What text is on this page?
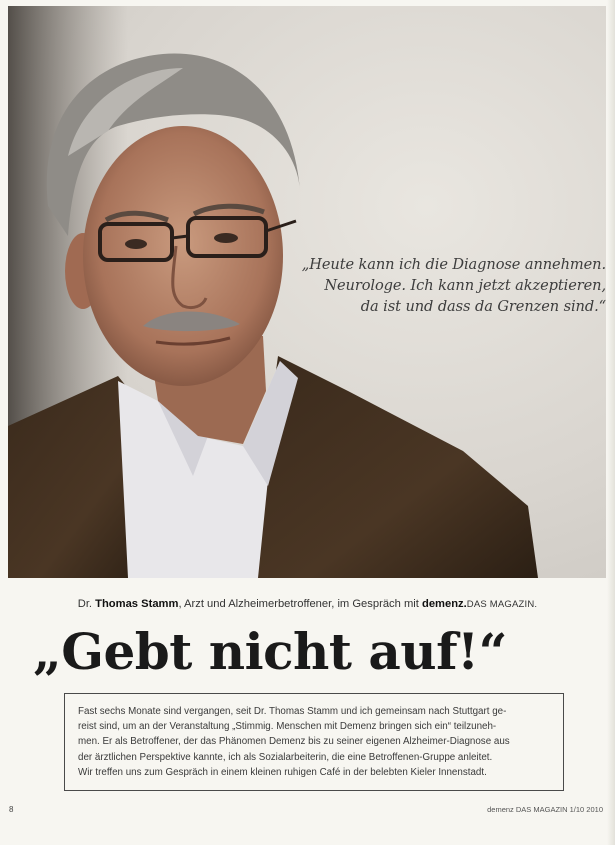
„Heute kann ich die Diagnose annehmen.
Neurologe. Ich kann jetzt akzeptieren,
da ist und dass da Grenzen sind.“
Dr. Thomas Stamm, Arzt und Alzheimerbetroffener, im Gespräch mit demenz.DAS MAGAZIN.
„Gebt nicht auf!“
Fast sechs Monate sind vergangen, seit Dr. Thomas Stamm und ich gemeinsam nach Stuttgart ge-
reist sind, um an der Veranstaltung „Stimmig. Menschen mit Demenz bringen sich ein“ teilzuneh-
men. Er als Betroffener, der das Phänomen Demenz bis zu seiner eigenen Alzheimer-Diagnose aus
der ärztlichen Perspektive kannte, ich als Sozialarbeiterin, die eine Betroffenen-Gruppe anleitet.
Wir treffen uns zum Gespräch in einem kleinen ruhigen Café in der belebten Kieler Innenstadt.
8	demenz DAS MAGAZIN 1/10 2010
